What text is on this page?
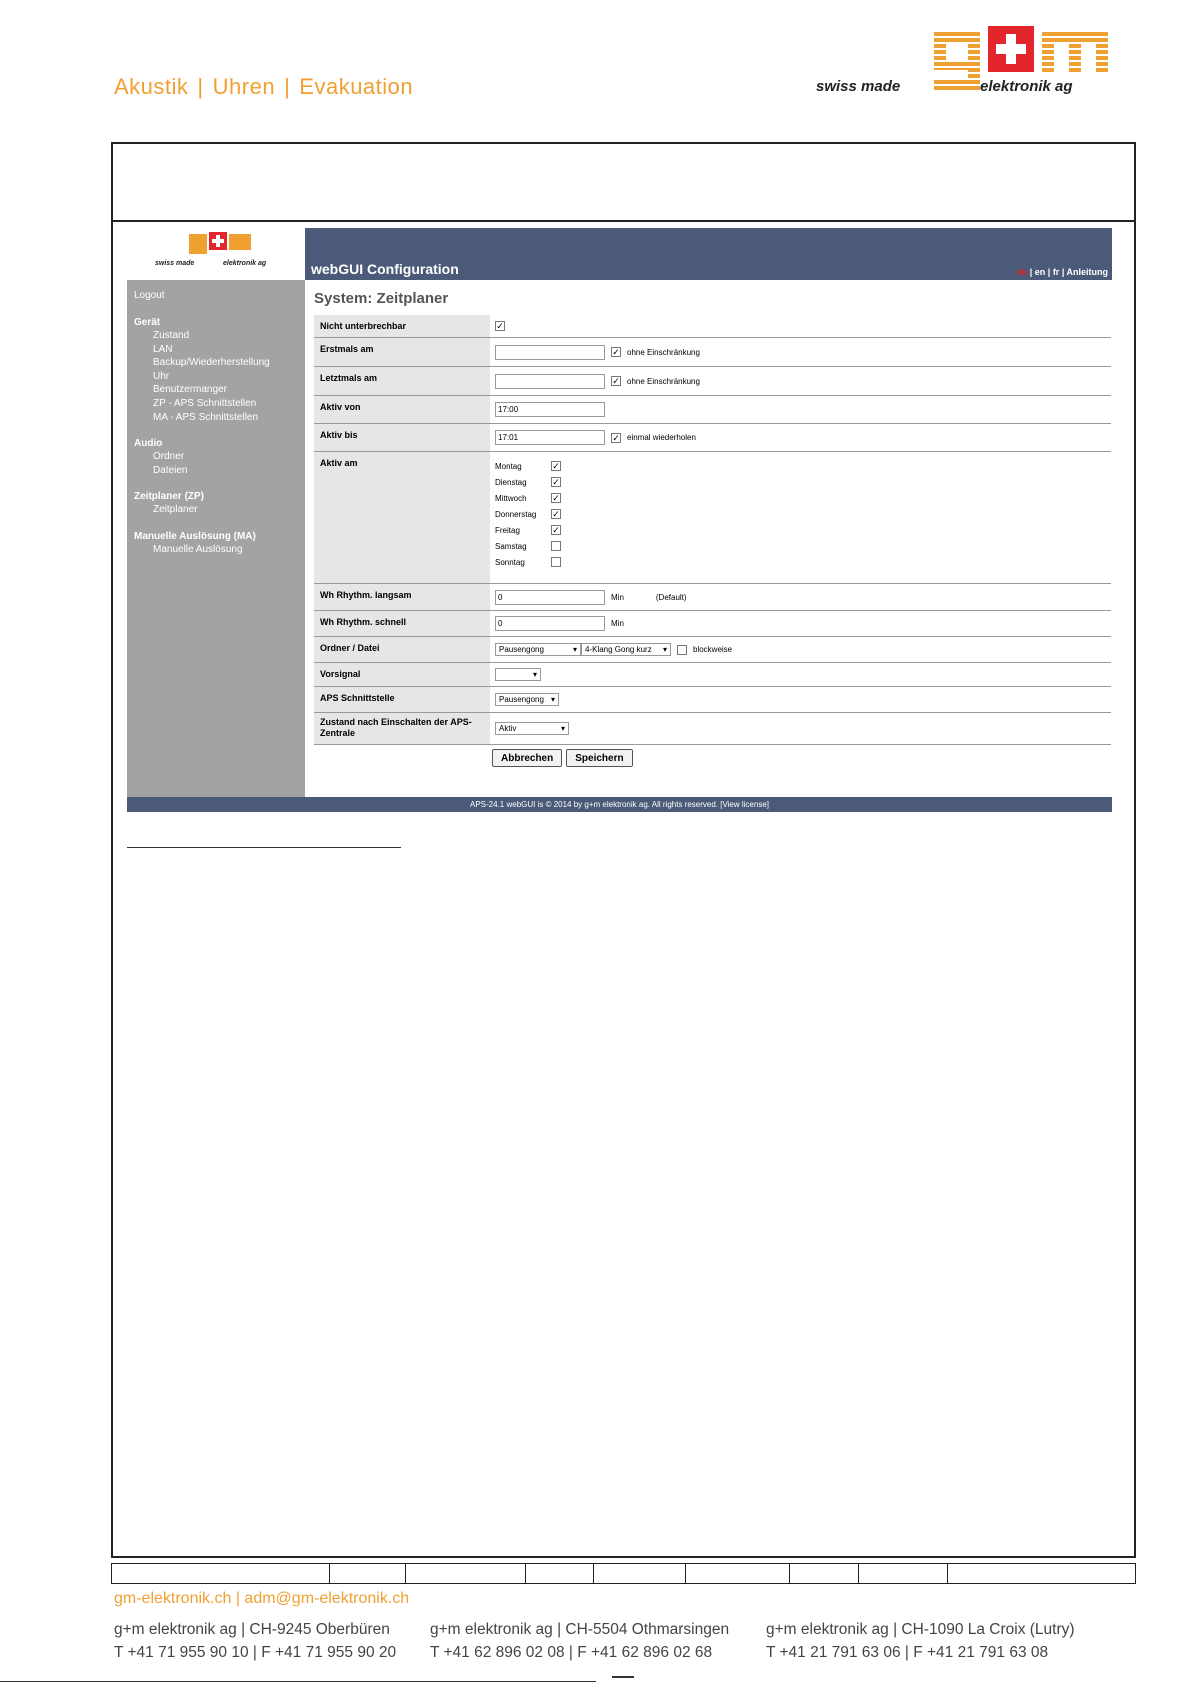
Akustik | Uhren | Evakuation	swiss made	elektronik ag
swiss made	elektronik ag	webGUI Configuration	de | en | fr | Anleitung
Logout
Gerät
Zustand
LAN
Backup/Wiederherstellung
Uhr
Benutzermanger
ZP - APS Schnittstellen
MA - APS Schnittstellen
Audio
Ordner
Dateien
Zeitplaner (ZP)
Zeitplaner
Manuelle Auslösung (MA)
Manuelle Auslösung
System: Zeitplaner
Nicht unterbrechbar	✓
Erstmals am	✓ ohne Einschränkung
Letztmals am	✓ ohne Einschränkung
Aktiv von	17:00
Aktiv bis	17:01	✓ einmal wiederholen
Aktiv am	Montag	✓
Dienstag	✓
Mittwoch	✓
Donnerstag	✓
Freitag	✓
Samstag
Sonntag
Wh Rhythm. langsam	0	Min	(Default)
Wh Rhythm. schnell	0	Min
Ordner / Datei	Pausengong	▾ 4-Klang Gong kurz ▾	blockweise
Vorsignal	▾
APS Schnittstelle	Pausengong ▾
Zustand nach Einschalten der APS-Zentrale	Aktiv	▾
Abbrechen	Speichern
APS-24.1 webGUI is © 2014 by g+m elektronik ag. All rights reserved. [View license]
gm-elektronik.ch | adm@gm-elektronik.ch
g+m elektronik ag | CH-9245 Oberbüren
T +41 71 955 90 10 | F +41 71 955 90 20
g+m elektronik ag | CH-5504 Othmarsingen
T +41 62 896 02 08 | F +41 62 896 02 68
g+m elektronik ag | CH-1090 La Croix (Lutry)
T +41 21 791 63 06 | F +41 21 791 63 08
